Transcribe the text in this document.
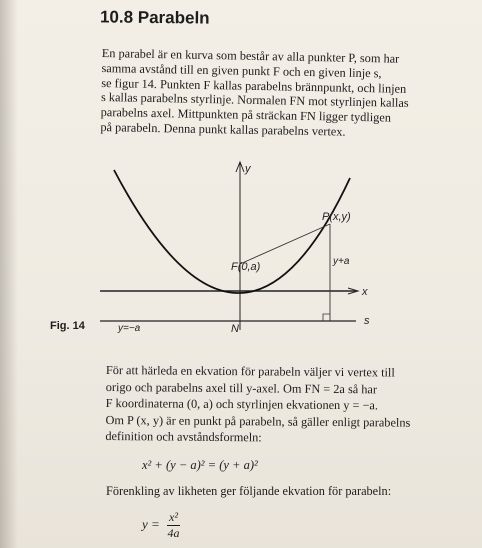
10.8 Parabeln
En parabel är en kurva som består av alla punkter P, som har
samma avstånd till en given punkt F och en given linje s,
se figur 14. Punkten F kallas parabelns brännpunkt, och linjen
s kallas parabelns styrlinje. Normalen FN mot styrlinjen kallas
parabelns axel. Mittpunkten på sträckan FN ligger tydligen
på parabeln. Denna punkt kallas parabelns vertex.
y
x
s
P(x,y)
F(0,a)	y+a
y=−a	N
Fig. 14
För att härleda en ekvation för parabeln väljer vi vertex till
origo och parabelns axel till y-axel. Om FN = 2a så har
F koordinaterna (0, a) och styrlinjen ekvationen y = −a.
Om P (x, y) är en punkt på parabeln, så gäller enligt parabelns
definition och avståndsformeln:
x² + (y − a)² = (y + a)²
Förenkling av likheten ger följande ekvation för parabeln:
$y = \frac{\text{x²}}{4a}$
